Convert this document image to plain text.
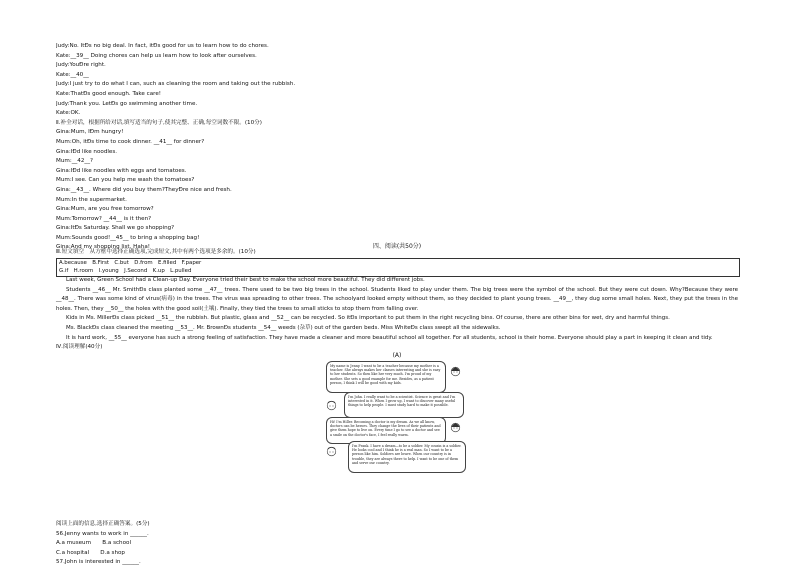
Judy:No. ItÐs no big deal. In fact, itÐs good for us to learn how to do chores.
Kate:__39__ Doing chores can help us learn how to look after ourselves.
Judy:YouÐre right.
Kate:__40__
Judy:I just try to do what I can, such as cleaning the room and taking out the rubbish.
Kate:ThatÐs good enough. Take care!
Judy:Thank you. LetÐs go swimming another time.
Kate:OK.
Ⅱ.补全对话，根据所给对话,填写适当的句子,使其完整、正确,每空词数不限。(10分)
Gina:Mum, IÐm hungry!
Mum:Oh, itÐs time to cook dinner. __41__ for dinner?
Gina:IÐd like noodles.
Mum:__42__?
Gina:IÐd like noodles with eggs and tomatoes.
Mum:I see. Can you help me wash the tomatoes?
Gina:__43__. Where did you buy them?TheyÐre nice and fresh.
Mum:In the supermarket.
Gina:Mum, are you free tomorrow?
Mum:Tomorrow? __44__ is it then?
Gina:ItÐs Saturday. Shall we go shopping?
Mum:Sounds good!__45__ to bring a shopping bag!
Gina:And my shopping list. Haha!	四、阅读(共50分)
Ⅲ.短文填空　从方框中选择正确选项,完成短文,其中有两个选项是多余的。(10分)
A.because　B.First　C.but　D.from　E.filled　F.paper
G.if　H.room　I.young　J.Second　K.up　L.pulled
Last week, Green School had a Clean-up Day. Everyone tried their best to make the school more beautiful. They did different jobs.
Students __46__ Mr. SmithÐs class planted some __47__ trees. There used to be two big trees in the school. Students liked to play under them. The big trees were the symbol of the school. But they were cut down. Why?Because they were __48__. There was some kind of virus(病毒) in the trees. The virus was spreading to other trees. The schoolyard looked empty without them, so they decided to plant young trees. __49__, they dug some small holes. Next, they put the trees in the holes. Then, they __50__ the holes with the good soil(土壤). Finally, they tied the trees to small sticks to stop them from falling over.
Kids in Ms. MillerÐs class picked __51__ the rubbish. But plastic, glass and __52__ can be recycled. So itÐs important to put them in the right recycling bins. Of course, there are other bins for wet, dry and harmful things.
Ms. BlackÐs class cleaned the meeting __53__. Mr. BrownÐs students __54__ weeds (杂草) out of the garden beds. Miss WhiteÐs class swept all the sidewalks.
It is hard work, __55__ everyone has such a strong feeling of satisfaction. They have made a cleaner and more beautiful school all together. For all students, school is their home. Everyone should play a part in keeping it clean and tidy.
Ⅳ.阅读理解(40分)
(A)
My name is Jenny. I want to be a teacher because my mother is a teacher. She always makes her classes interesting and she is easy to her students. So then like her very much. I'm proud of my mother. She sets a good example for me. Besides, as a patient person, I think I will be good with my kids.
I'm John. I really want to be a scientist. Science is great and I'm interested in it. When I grow up, I want to discover many useful things to help people. I must study hard to make it possible.
Hi! I'm Hiller. Becoming a doctor is my dream. As we all know, doctors can be heroes. They change the lives of their patients and give them hope to live on. Every time I go to see a doctor and see a smile on the doctor's face, I feel really warm.
I'm Frank. I have a dream—to be a soldier. My cousin is a soldier. He looks cool and I think he is a real man. So I want to be a person like him. Soldiers are brave. When our country is in trouble, they are always there to help. I want to be one of them and serve our country.
阅读上面的信息,选择正确答案。(5分)
56.Jenny wants to work in ______.
A.a museum　　B.a school
C.a hospital　　D.a shop
57.John is interested in ______.
